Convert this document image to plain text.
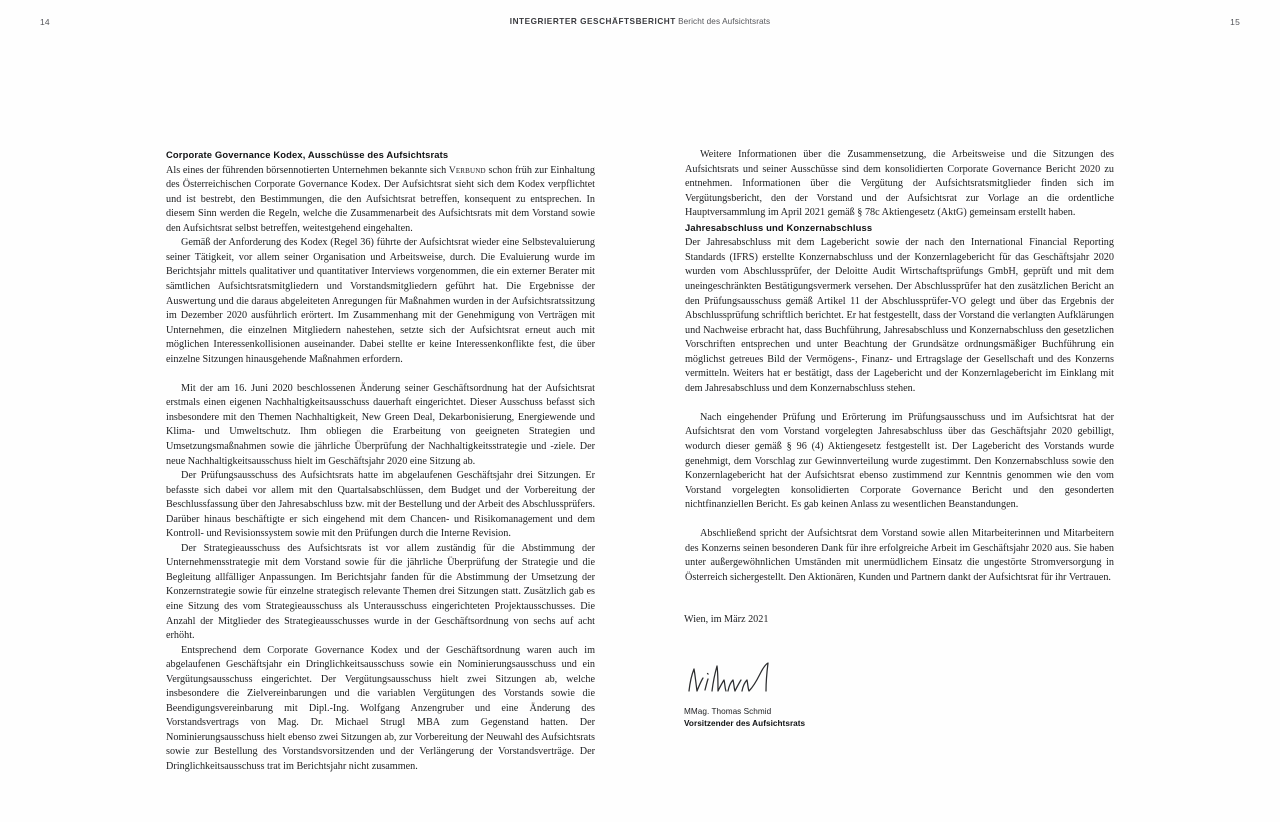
14	INTEGRIERTER GESCHÄFTSBERICHT Bericht des Aufsichtsrats	15
Corporate Governance Kodex, Ausschüsse des Aufsichtsrats

Als eines der führenden börsennotierten Unternehmen bekannte sich Verbund schon früh zur Einhaltung des Österreichischen Corporate Governance Kodex. Der Aufsichtsrat sieht sich dem Kodex verpflichtet und ist bestrebt, den Bestimmungen, die den Aufsichtsrat betreffen, konsequent zu entsprechen. In diesem Sinn werden die Regeln, welche die Zusammenarbeit des Aufsichtsrats mit dem Vorstand sowie den Aufsichtsrat selbst betreffen, weitestgehend eingehalten.

Gemäß der Anforderung des Kodex (Regel 36) führte der Aufsichtsrat wieder eine Selbstevaluierung seiner Tätigkeit, vor allem seiner Organisation und Arbeitsweise, durch. Die Evaluierung wurde im Berichtsjahr mittels qualitativer und quantitativer Interviews vorgenommen, die ein externer Berater mit sämtlichen Aufsichtsratsmitgliedern und Vorstandsmitgliedern geführt hat. Die Ergebnisse der Auswertung und die daraus abgeleiteten Anregungen für Maßnahmen wurden in der Aufsichtsratssitzung im Dezember 2020 ausführlich erörtert. Im Zusammenhang mit der Genehmigung von Verträgen mit Unternehmen, die einzelnen Mitgliedern nahestehen, setzte sich der Aufsichtsrat erneut auch mit möglichen Interessenkollisionen auseinander. Dabei stellte er keine Interessenkonflikte fest, die über einzelne Sitzungen hinausgehende Maßnahmen erfordern.

Mit der am 16. Juni 2020 beschlossenen Änderung seiner Geschäftsordnung hat der Aufsichtsrat erstmals einen eigenen Nachhaltigkeitsausschuss dauerhaft eingerichtet. Dieser Ausschuss befasst sich insbesondere mit den Themen Nachhaltigkeit, New Green Deal, Dekarbonisierung, Energiewende und Klima- und Umweltschutz. Ihm obliegen die Erarbeitung von geeigneten Strategien und Umsetzungsmaßnahmen sowie die jährliche Überprüfung der Nachhaltigkeitsstrategie und -ziele. Der neue Nachhaltigkeitsausschuss hielt im Geschäftsjahr 2020 eine Sitzung ab.

Der Prüfungsausschuss des Aufsichtsrats hatte im abgelaufenen Geschäftsjahr drei Sitzungen. Er befasste sich dabei vor allem mit den Quartalsabschlüssen, dem Budget und der Vorbereitung der Beschlussfassung über den Jahresabschluss bzw. mit der Bestellung und der Arbeit des Abschlussprüfers. Darüber hinaus beschäftigte er sich eingehend mit dem Chancen- und Risikomanagement und dem Kontroll- und Revisionssystem sowie mit den Prüfungen durch die Interne Revision.

Der Strategieausschuss des Aufsichtsrats ist vor allem zuständig für die Abstimmung der Unternehmensstrategie mit dem Vorstand sowie für die jährliche Überprüfung der Strategie und die Begleitung allfälliger Anpassungen. Im Berichtsjahr fanden für die Abstimmung der Umsetzung der Konzernstrategie sowie für einzelne strategisch relevante Themen drei Sitzungen statt. Zusätzlich gab es eine Sitzung des vom Strategieausschuss als Unterausschuss eingerichteten Projektausschusses. Die Anzahl der Mitglieder des Strategieausschusses wurde in der Geschäftsordnung von sechs auf acht erhöht.

Entsprechend dem Corporate Governance Kodex und der Geschäftsordnung waren auch im abgelaufenen Geschäftsjahr ein Dringlichkeitsausschuss sowie ein Nominierungsausschuss und ein Vergütungsausschuss eingerichtet. Der Vergütungsausschuss hielt zwei Sitzungen ab, welche insbesondere die Zielvereinbarungen und die variablen Vergütungen des Vorstands sowie die Beendigungsvereinbarung mit Dipl.-Ing. Wolfgang Anzengruber und eine Änderung des Vorstandsvertrags von Mag. Dr. Michael Strugl MBA zum Gegenstand hatten. Der Nominierungsausschuss hielt ebenso zwei Sitzungen ab, zur Vorbereitung der Neuwahl des Aufsichtsrats sowie zur Bestellung des Vorstandsvorsitzenden und der Verlängerung der Vorstandsverträge. Der Dringlichkeitsausschuss trat im Berichtsjahr nicht zusammen.

Weitere Informationen über die Zusammensetzung, die Arbeitsweise und die Sitzungen des Aufsichtsrats und seiner Ausschüsse sind dem konsolidierten Corporate Governance Bericht 2020 zu entnehmen. Informationen über die Vergütung der Aufsichtsratsmitglieder finden sich im Vergütungsbericht, den der Vorstand und der Aufsichtsrat zur Vorlage an die ordentliche Hauptversammlung im April 2021 gemäß § 78c Aktiengesetz (AktG) gemeinsam erstellt haben.

Jahresabschluss und Konzernabschluss

Der Jahresabschluss mit dem Lagebericht sowie der nach den International Financial Reporting Standards (IFRS) erstellte Konzernabschluss und der Konzernlagebericht für das Geschäftsjahr 2020 wurden vom Abschlussprüfer, der Deloitte Audit Wirtschaftsprüfungs GmbH, geprüft und mit dem uneingeschränkten Bestätigungsvermerk versehen. Der Abschlussprüfer hat den zusätzlichen Bericht an den Prüfungsausschuss gemäß Artikel 11 der Abschlussprüfer-VO gelegt und über das Ergebnis der Abschlussprüfung schriftlich berichtet. Er hat festgestellt, dass der Vorstand die verlangten Aufklärungen und Nachweise erbracht hat, dass Buchführung, Jahresabschluss und Konzernabschluss den gesetzlichen Vorschriften entsprechen und unter Beachtung der Grundsätze ordnungsmäßiger Buchführung ein möglichst getreues Bild der Vermögens-, Finanz- und Ertragslage der Gesellschaft und des Konzerns vermitteln. Weiters hat er bestätigt, dass der Lagebericht und der Konzernlagebericht im Einklang mit dem Jahresabschluss und dem Konzernabschluss stehen.

Nach eingehender Prüfung und Erörterung im Prüfungsausschuss und im Aufsichtsrat hat der Aufsichtsrat den vom Vorstand vorgelegten Jahresabschluss über das Geschäftsjahr 2020 gebilligt, wodurch dieser gemäß § 96 (4) Aktiengesetz festgestellt ist. Der Lagebericht des Vorstands wurde genehmigt, dem Vorschlag zur Gewinnverteilung wurde zugestimmt. Den Konzernabschluss sowie den Konzernlagebericht hat der Aufsichtsrat ebenso zustimmend zur Kenntnis genommen wie den vom Vorstand vorgelegten konsolidierten Corporate Governance Bericht und den gesonderten nichtfinanziellen Bericht. Es gab keinen Anlass zu wesentlichen Beanstandungen.

Abschließend spricht der Aufsichtsrat dem Vorstand sowie allen Mitarbeiterinnen und Mitarbeitern des Konzerns seinen besonderen Dank für ihre erfolgreiche Arbeit im Geschäftsjahr 2020 aus. Sie haben unter außergewöhnlichen Umständen mit unermüdlichem Einsatz die ungestörte Stromversorgung in Österreich sichergestellt. Den Aktionären, Kunden und Partnern dankt der Aufsichtsrat für ihr Vertrauen.

Wien, im März 2021

MMag. Thomas Schmid

Vorsitzender des Aufsichtsrats
